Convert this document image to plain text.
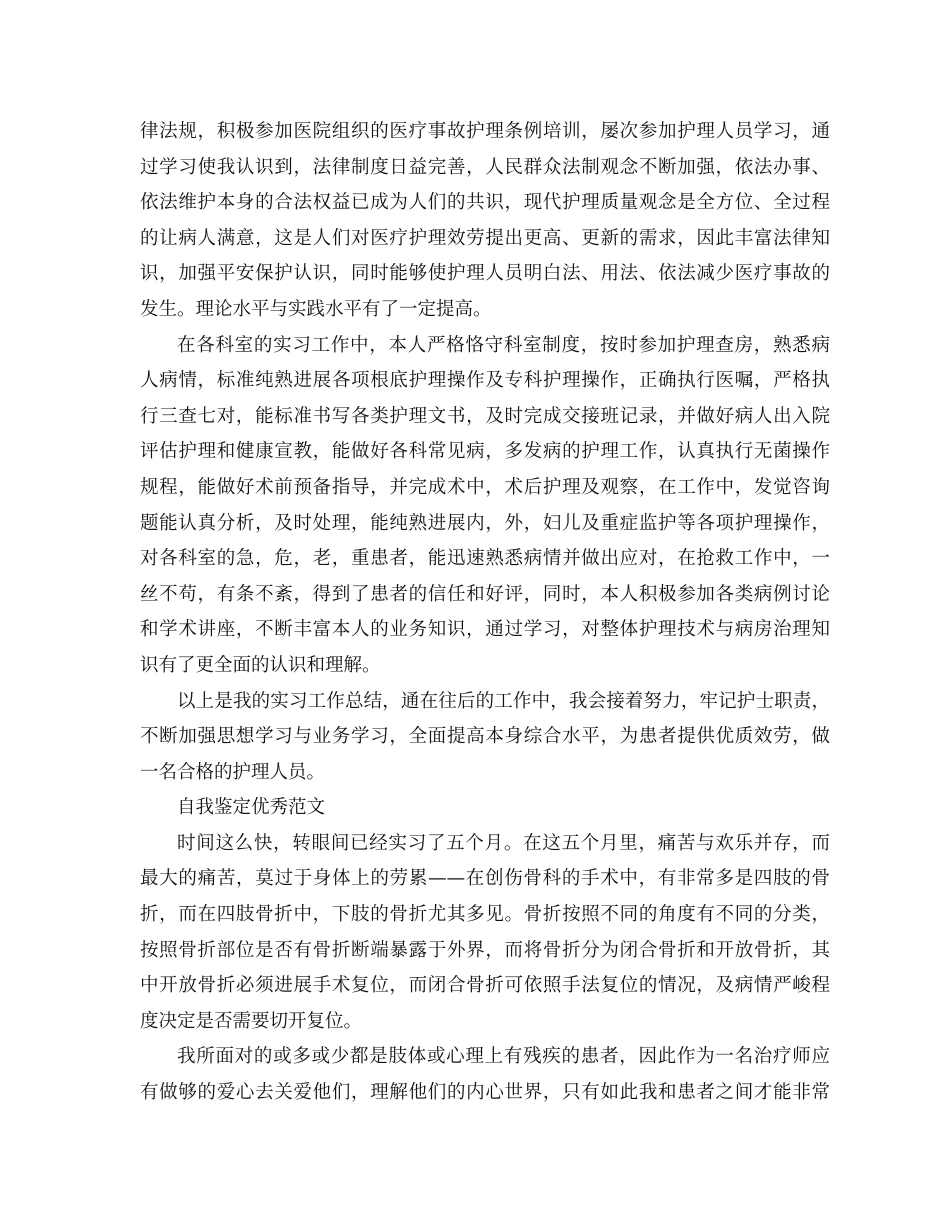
律法规，积极参加医院组织的医疗事故护理条例培训，屡次参加护理人员学习，通
过学习使我认识到，法律制度日益完善，人民群众法制观念不断加强，依法办事、
依法维护本身的合法权益已成为人们的共识，现代护理质量观念是全方位、全过程
的让病人满意，这是人们对医疗护理效劳提出更高、更新的需求，因此丰富法律知
识，加强平安保护认识，同时能够使护理人员明白法、用法、依法减少医疗事故的
发生。理论水平与实践水平有了一定提高。
在各科室的实习工作中，本人严格恪守科室制度，按时参加护理查房，熟悉病
人病情，标准纯熟进展各项根底护理操作及专科护理操作，正确执行医嘱，严格执
行三查七对，能标准书写各类护理文书，及时完成交接班记录，并做好病人出入院
评估护理和健康宣教，能做好各科常见病，多发病的护理工作，认真执行无菌操作
规程，能做好术前预备指导，并完成术中，术后护理及观察，在工作中，发觉咨询
题能认真分析，及时处理，能纯熟进展内，外，妇儿及重症监护等各项护理操作，
对各科室的急，危，老，重患者，能迅速熟悉病情并做出应对，在抢救工作中，一
丝不苟，有条不紊，得到了患者的信任和好评，同时，本人积极参加各类病例讨论
和学术讲座，不断丰富本人的业务知识，通过学习，对整体护理技术与病房治理知
识有了更全面的认识和理解。
以上是我的实习工作总结，通在往后的工作中，我会接着努力，牢记护士职责，
不断加强思想学习与业务学习，全面提高本身综合水平，为患者提供优质效劳，做
一名合格的护理人员。
自我鉴定优秀范文
时间这么快，转眼间已经实习了五个月。在这五个月里，痛苦与欢乐并存，而
最大的痛苦，莫过于身体上的劳累——在创伤骨科的手术中，有非常多是四肢的骨
折，而在四肢骨折中，下肢的骨折尤其多见。骨折按照不同的角度有不同的分类，
按照骨折部位是否有骨折断端暴露于外界，而将骨折分为闭合骨折和开放骨折，其
中开放骨折必须进展手术复位，而闭合骨折可依照手法复位的情况，及病情严峻程
度决定是否需要切开复位。
我所面对的或多或少都是肢体或心理上有残疾的患者，因此作为一名治疗师应
有做够的爱心去关爱他们，理解他们的内心世界，只有如此我和患者之间才能非常
